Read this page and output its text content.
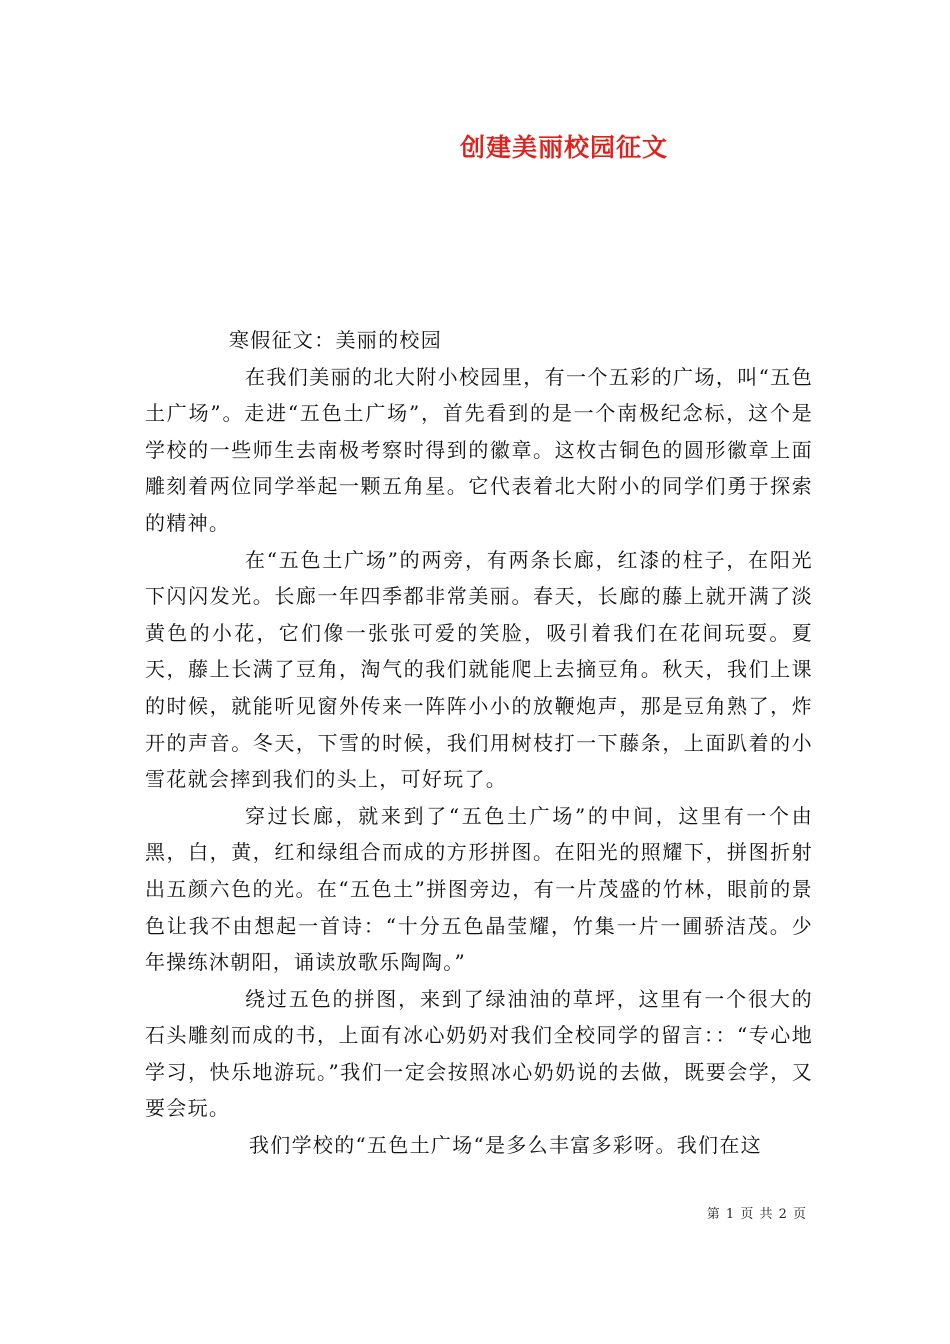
创建美丽校园征文

寒假征文：美丽的校园

在我们美丽的北大附小校园里，有一个五彩的广场，叫“五色土广场”。走进“五色土广场”，首先看到的是一个南极纪念标，这个是学校的一些师生去南极考察时得到的徽章。这枚古铜色的圆形徽章上面雕刻着两位同学举起一颗五角星。它代表着北大附小的同学们勇于探索的精神。

在“五色土广场”的两旁，有两条长廊，红漆的柱子，在阳光下闪闪发光。长廊一年四季都非常美丽。春天，长廊的藤上就开满了淡黄色的小花，它们像一张张可爱的笑脸，吸引着我们在花间玩耍。夏天，藤上长满了豆角，淘气的我们就能爬上去摘豆角。秋天，我们上课的时候，就能听见窗外传来一阵阵小小的放鞭炮声，那是豆角熟了，炸开的声音。冬天，下雪的时候，我们用树枝打一下藤条，上面趴着的小雪花就会摔到我们的头上，可好玩了。

穿过长廊，就来到了“五色土广场”的中间，这里有一个由黑，白，黄，红和绿组合而成的方形拼图。在阳光的照耀下，拼图折射出五颜六色的光。在“五色土”拼图旁边，有一片茂盛的竹林，眼前的景色让我不由想起一首诗：“十分五色晶莹耀，竹集一片一圃骄洁茂。少年操练沐朝阳，诵读放歌乐陶陶。”

绕过五色的拼图，来到了绿油油的草坪，这里有一个很大的石头雕刻而成的书，上面有冰心奶奶对我们全校同学的留言：：“专心地学习，快乐地游玩。”我们一定会按照冰心奶奶说的去做，既要会学，又要会玩。

我们学校的“五色土广场“是多么丰富多彩呀。我们在这

第 1 页 共 2 页
